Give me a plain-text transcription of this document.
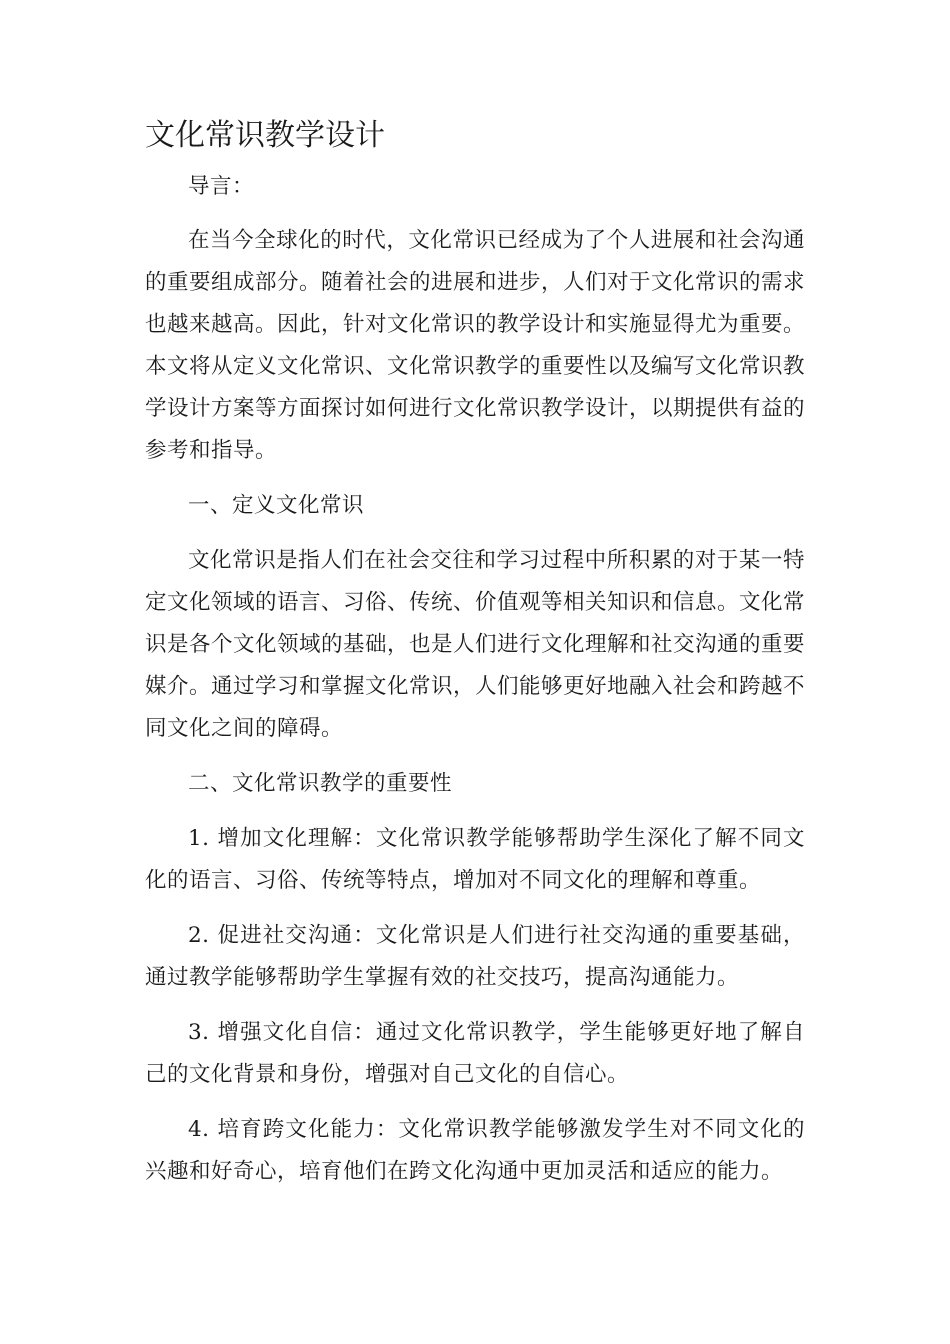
文化常识教学设计

导言：

在当今全球化的时代，文化常识已经成为了个人进展和社会沟通的重要组成部分。随着社会的进展和进步，人们对于文化常识的需求也越来越高。因此，针对文化常识的教学设计和实施显得尤为重要。本文将从定义文化常识、文化常识教学的重要性以及编写文化常识教学设计方案等方面探讨如何进行文化常识教学设计，以期提供有益的参考和指导。

一、定义文化常识

文化常识是指人们在社会交往和学习过程中所积累的对于某一特定文化领域的语言、习俗、传统、价值观等相关知识和信息。文化常识是各个文化领域的基础，也是人们进行文化理解和社交沟通的重要媒介。通过学习和掌握文化常识，人们能够更好地融入社会和跨越不同文化之间的障碍。

二、文化常识教学的重要性

1. 增加文化理解：文化常识教学能够帮助学生深化了解不同文化的语言、习俗、传统等特点，增加对不同文化的理解和尊重。

2. 促进社交沟通：文化常识是人们进行社交沟通的重要基础，通过教学能够帮助学生掌握有效的社交技巧，提高沟通能力。

3. 增强文化自信：通过文化常识教学，学生能够更好地了解自己的文化背景和身份，增强对自己文化的自信心。

4. 培育跨文化能力：文化常识教学能够激发学生对不同文化的兴趣和好奇心，培育他们在跨文化沟通中更加灵活和适应的能力。
